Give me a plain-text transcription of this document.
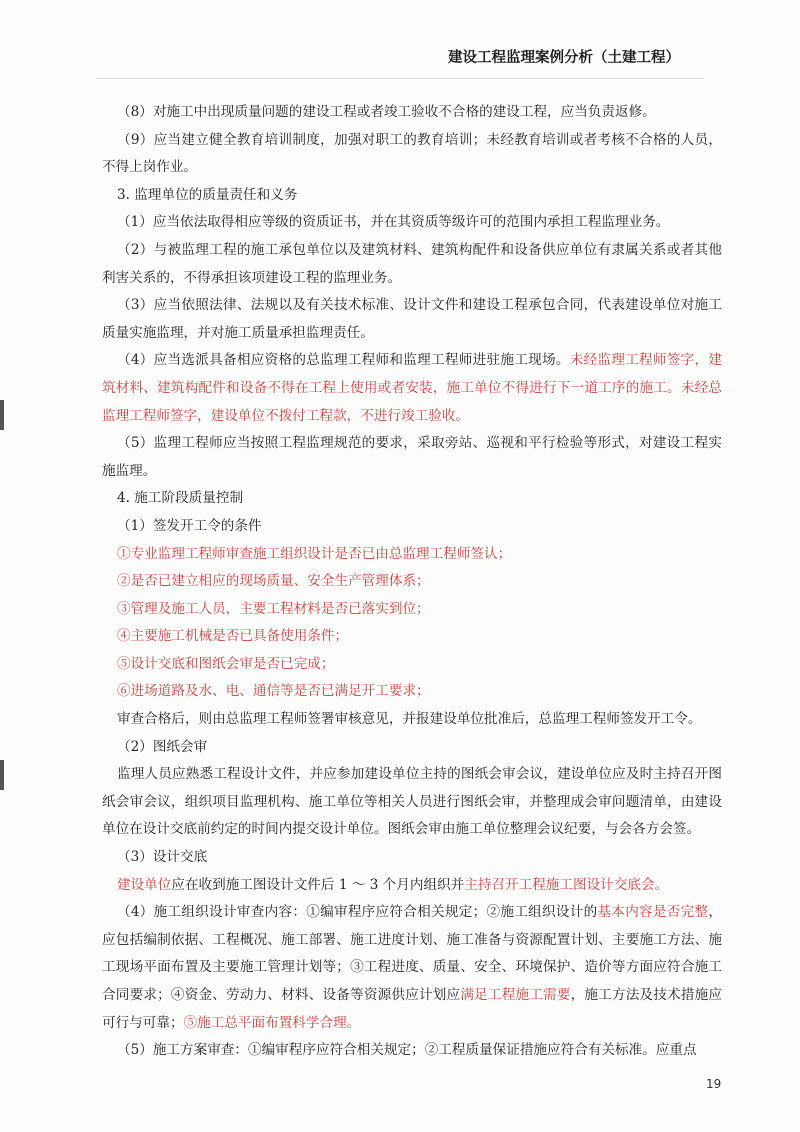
建设工程监理案例分析（土建工程）

（8）对施工中出现质量问题的建设工程或者竣工验收不合格的建设工程，应当负责返修。

（9）应当建立健全教育培训制度，加强对职工的教育培训；未经教育培训或者考核不合格的人员，不得上岗作业。

3. 监理单位的质量责任和义务

（1）应当依法取得相应等级的资质证书，并在其资质等级许可的范围内承担工程监理业务。

（2）与被监理工程的施工承包单位以及建筑材料、建筑构配件和设备供应单位有隶属关系或者其他利害关系的，不得承担该项建设工程的监理业务。

（3）应当依照法律、法规以及有关技术标准、设计文件和建设工程承包合同，代表建设单位对施工质量实施监理，并对施工质量承担监理责任。

（4）应当选派具备相应资格的总监理工程师和监理工程师进驻施工现场。未经监理工程师签字，建筑材料、建筑构配件和设备不得在工程上使用或者安装，施工单位不得进行下一道工序的施工。未经总监理工程师签字，建设单位不拨付工程款，不进行竣工验收。

（5）监理工程师应当按照工程监理规范的要求，采取旁站、巡视和平行检验等形式，对建设工程实施监理。

4. 施工阶段质量控制

（1）签发开工令的条件

①专业监理工程师审查施工组织设计是否已由总监理工程师签认；

②是否已建立相应的现场质量、安全生产管理体系；

③管理及施工人员，主要工程材料是否已落实到位；

④主要施工机械是否已具备使用条件；

⑤设计交底和图纸会审是否已完成；

⑥进场道路及水、电、通信等是否已满足开工要求；

审查合格后，则由总监理工程师签署审核意见，并报建设单位批准后，总监理工程师签发开工令。

（2）图纸会审

监理人员应熟悉工程设计文件，并应参加建设单位主持的图纸会审会议，建设单位应及时主持召开图纸会审会议，组织项目监理机构、施工单位等相关人员进行图纸会审，并整理成会审问题清单，由建设单位在设计交底前约定的时间内提交设计单位。图纸会审由施工单位整理会议纪要，与会各方会签。

（3）设计交底

建设单位应在收到施工图设计文件后 1 ～ 3 个月内组织并主持召开工程施工图设计交底会。

（4）施工组织设计审查内容：①编审程序应符合相关规定；②施工组织设计的基本内容是否完整，应包括编制依据、工程概况、施工部署、施工进度计划、施工准备与资源配置计划、主要施工方法、施工现场平面布置及主要施工管理计划等；③工程进度、质量、安全、环境保护、造价等方面应符合施工合同要求；④资金、劳动力、材料、设备等资源供应计划应满足工程施工需要，施工方法及技术措施应可行与可靠；⑤施工总平面布置科学合理。

（5）施工方案审查：①编审程序应符合相关规定；②工程质量保证措施应符合有关标准。应重点

19
